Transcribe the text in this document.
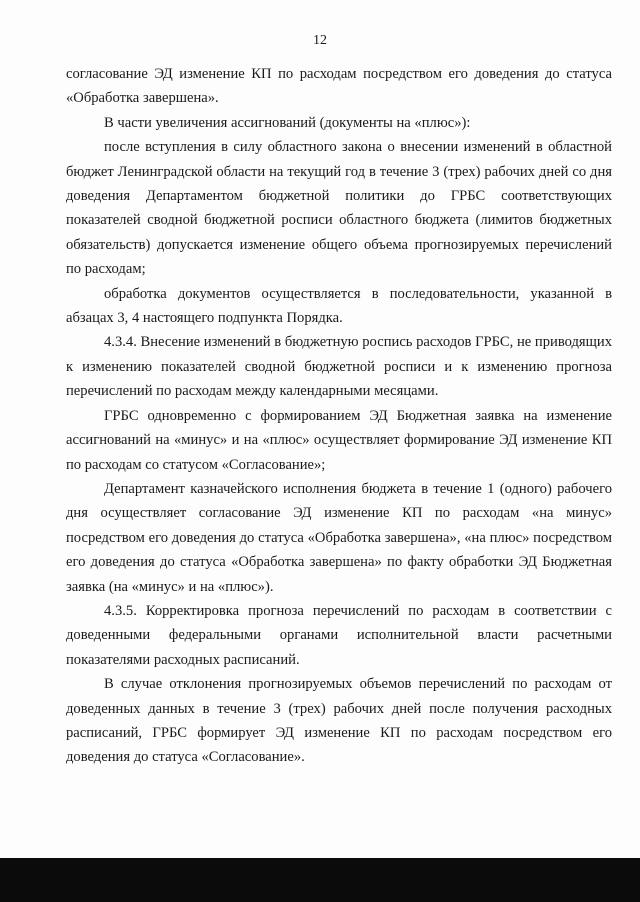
12

согласование ЭД изменение КП по расходам посредством его доведения до статуса «Обработка завершена».

В части увеличения ассигнований (документы на «плюс»):

после вступления в силу областного закона о внесении изменений в областной бюджет Ленинградской области на текущий год в течение 3 (трех) рабочих дней со дня доведения Департаментом бюджетной политики до ГРБС соответствующих показателей сводной бюджетной росписи областного бюджета (лимитов бюджетных обязательств) допускается изменение общего объема прогнозируемых перечислений по расходам;

обработка документов осуществляется в последовательности, указанной в абзацах 3, 4 настоящего подпункта Порядка.

4.3.4. Внесение изменений в бюджетную роспись расходов ГРБС, не приводящих к изменению показателей сводной бюджетной росписи и к изменению прогноза перечислений по расходам между календарными месяцами.

ГРБС одновременно с формированием ЭД Бюджетная заявка на изменение ассигнований на «минус» и на «плюс» осуществляет формирование ЭД изменение КП по расходам со статусом «Согласование»;

Департамент казначейского исполнения бюджета в течение 1 (одного) рабочего дня осуществляет согласование ЭД изменение КП по расходам «на минус» посредством его доведения до статуса «Обработка завершена», «на плюс» посредством его доведения до статуса «Обработка завершена» по факту обработки ЭД Бюджетная заявка (на «минус» и на «плюс»).

4.3.5. Корректировка прогноза перечислений по расходам в соответствии с доведенными федеральными органами исполнительной власти расчетными показателями расходных расписаний.

В случае отклонения прогнозируемых объемов перечислений по расходам от доведенных данных в течение 3 (трех) рабочих дней после получения расходных расписаний, ГРБС формирует ЭД изменение КП по расходам посредством его доведения до статуса «Согласование».
